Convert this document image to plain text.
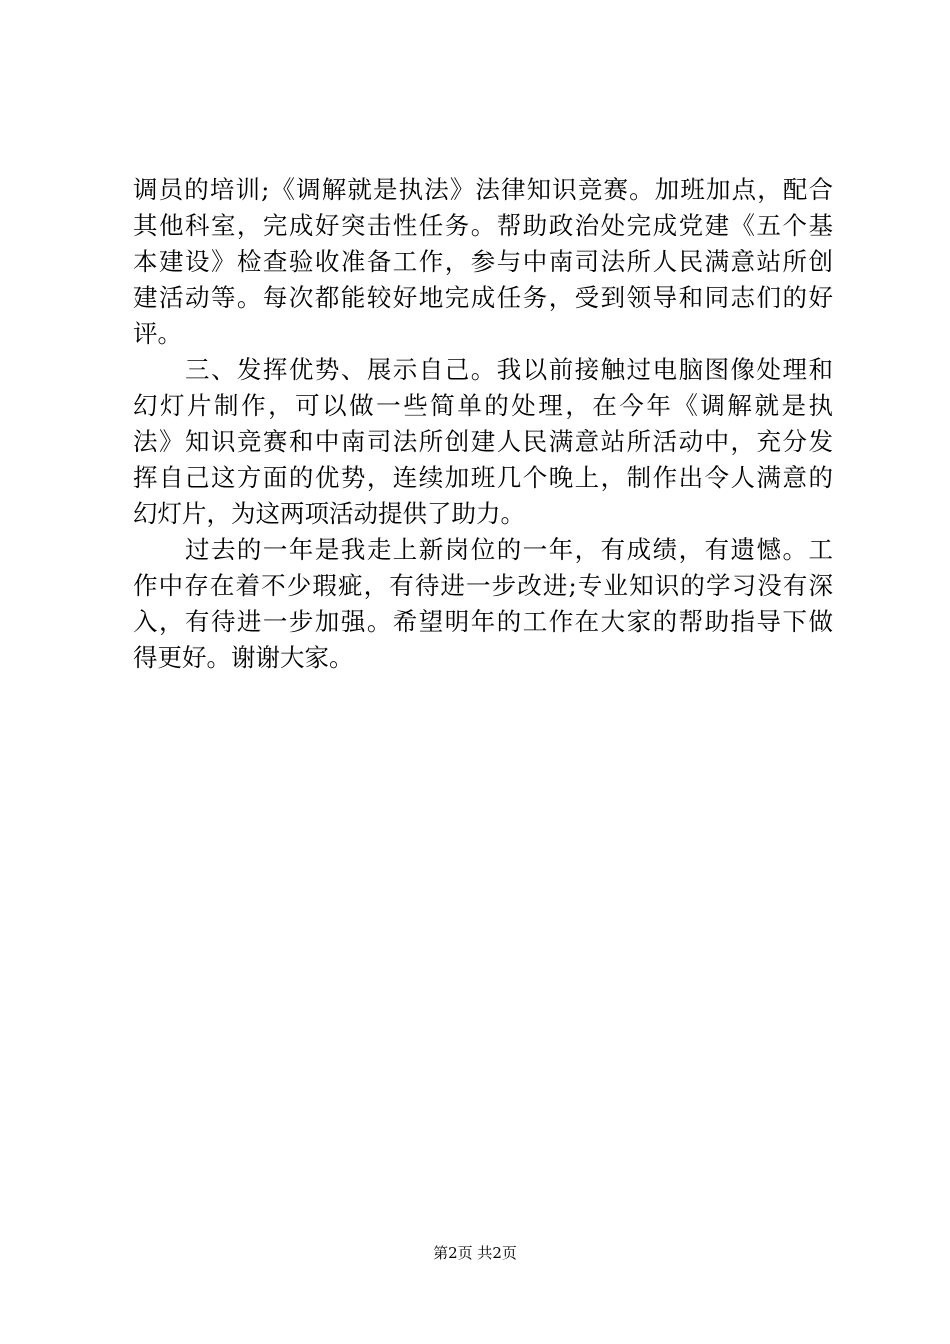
调员的培训;《调解就是执法》法律知识竞赛。加班加点，配合
其他科室，完成好突击性任务。帮助政治处完成党建《五个基
本建设》检查验收准备工作，参与中南司法所人民满意站所创
建活动等。每次都能较好地完成任务，受到领导和同志们的好
评。
　　三、发挥优势、展示自己。我以前接触过电脑图像处理和
幻灯片制作，可以做一些简单的处理，在今年《调解就是执
法》知识竞赛和中南司法所创建人民满意站所活动中，充分发
挥自己这方面的优势，连续加班几个晚上，制作出令人满意的
幻灯片，为这两项活动提供了助力。
　　过去的一年是我走上新岗位的一年，有成绩，有遗憾。工
作中存在着不少瑕疵，有待进一步改进;专业知识的学习没有深
入，有待进一步加强。希望明年的工作在大家的帮助指导下做
得更好。谢谢大家。
第2页 共2页
